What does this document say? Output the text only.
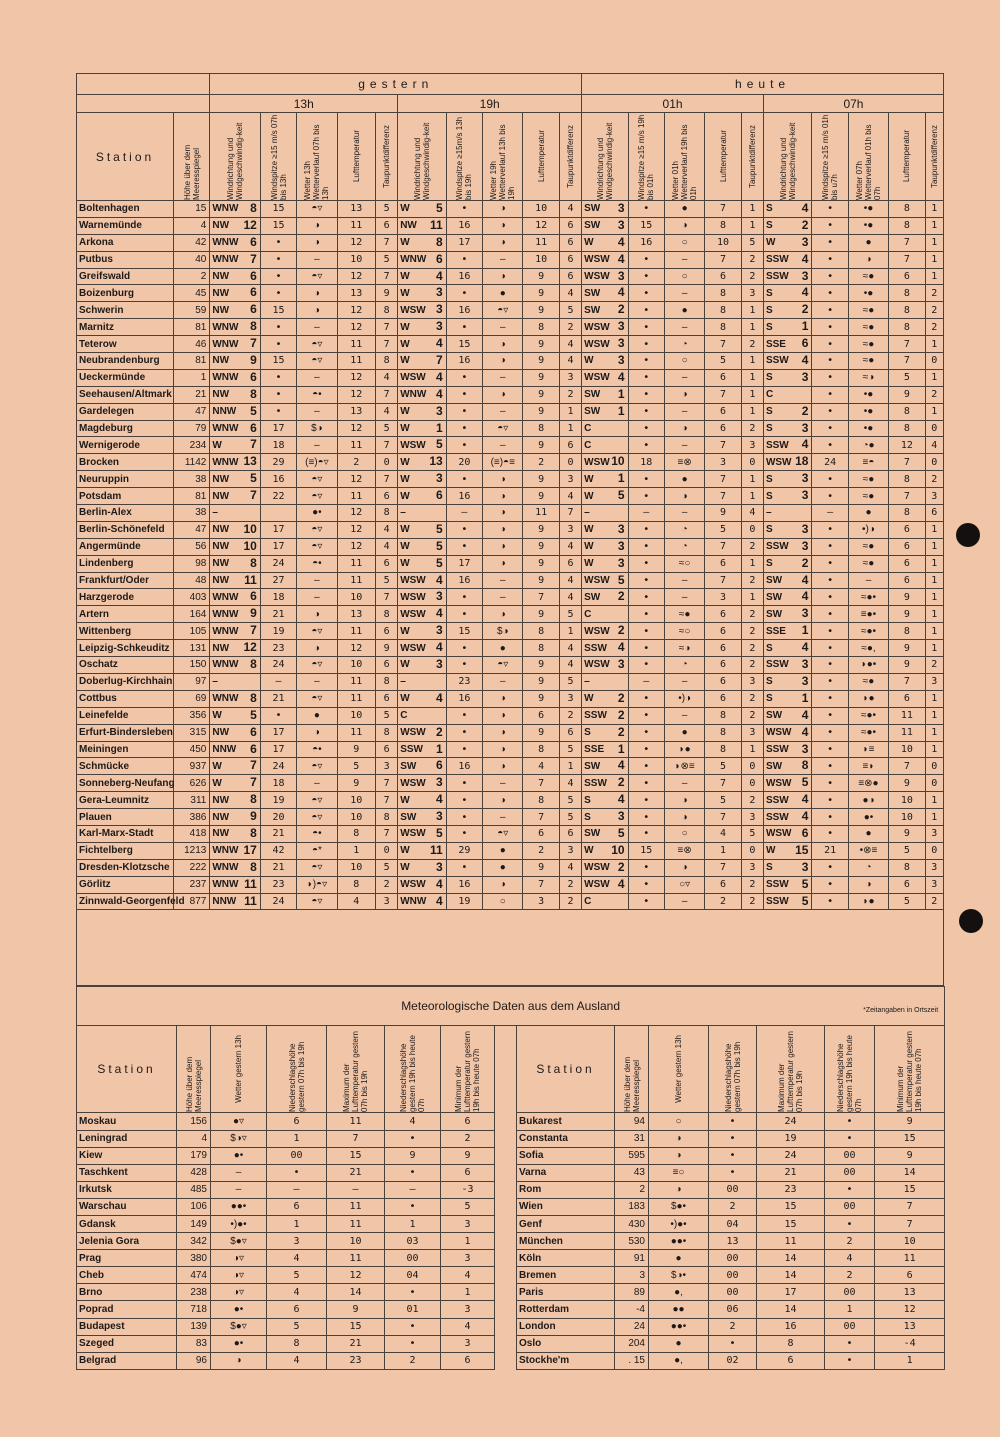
		gestern										heute									
		13h					19h					01h					07h				
Station	Höhe über dem Meeresspiegel	Windrichtung und Windgeschwindig-keit	Windspitze ≥15 m/s 07h bis 13h	Wetter 13h Wetterverlauf 07h bis 13h	Lufttemperatur	Taupunktdifferenz	Windrichtung und Windgeschwindig-keit	Windspitze ≥15m/s 13h bis 19h	Wetter 19h Wetterverlauf 13h bis 19h	Lufttemperatur	Taupunktdifferenz	Windrichtung und Windgeschwindig-keit	Windspitze ≥15 m/s 19h bis 01h	Wetter 01h Wetterverlauf 19h bis 01h	Lufttemperatur	Taupunktdifferenz	Windrichtung und Windgeschwindig-keit	Windspitze ≥15 m/s 01h bis u7h	Wetter 07h Wetterverlauf 01h bis 07h	Lufttemperatur	Taupunktdifferenz

Boltenhagen	15	WNW 8	15	◓▿	13	5	W 5	•	◑	10	4	SW 3	•	●	7	1	S 4	•	•●	8	1
Warnemünde	4	NW 12	15	◑	11	6	NW 11	16	◑	12	6	SW 3	15	◑	8	1	S 2	•	•●	8	1
Arkona	42	WNW 6	•	◑	12	7	W 8	17	◑	11	6	W 4	16	○	10	5	W 3	•	●	7	1
Putbus	40	WNW 7	•	–	10	5	WNW 6	•	–	10	6	WSW 4	•	–	7	2	SSW 4	•	◑	7	1
Greifswald	2	NW 6	•	◓▿	12	7	W 4	16	◑	9	6	WSW 3	•	○	6	2	SSW 3	•	≈●	6	1
Boizenburg	45	NW 6	•	◑	13	9	W 3	•	●	9	4	SW 4	•	–	8	3	S 4	•	•●	8	2
Schwerin	59	NW 6	15	◑	12	8	WSW 3	16	◓▿	9	5	SW 2	•	●	8	1	S 2	•	≈●	8	2
Marnitz	81	WNW 8	•	–	12	7	W 3	•	–	8	2	WSW 3	•	–	8	1	S 1	•	≈●	8	2
Teterow	46	WNW 7	•	◓▿	11	7	W 4	15	◑	9	4	WSW 3	•	◔	7	2	SSE 6	•	≈●	7	1
Neubrandenburg	81	NW 9	15	◓▿	11	8	W 7	16	◑	9	4	W 3	•	○	5	1	SSW 4	•	≈●	7	0
Ueckermünde	1	WNW 6	•	–	12	4	WSW 4	•	–	9	3	WSW 4	•	–	6	1	S 3	•	≈◑	5	1
Seehausen/Altmark	21	NW 8	•	◓•	12	7	WNW 4	•	◑	9	2	SW 1	•	◑	7	1	C	•	•●	9	2
Gardelegen	47	NNW 5	•	–	13	4	W 3	•	–	9	1	SW 1	•	–	6	1	S 2	•	•●	8	1
Magdeburg	79	WNW 6	17	$◑	12	5	W 1	•	◓▿	8	1	C	•	◑	6	2	S 3	•	•●	8	0
Wernigerode	234	W 7	18	–	11	7	WSW 5	•	–	9	6	C	•	–	7	3	SSW 4	•	◔●	12	4
Brocken	1142	WNW 13	29	(≡)◓▿	2	0	W 13	20	(≡)◓≡	2	0	WSW 10	18	≡⊗	3	0	WSW 18	24	≡◓	7	0
Neuruppin	38	NW 5	16	◓▿	12	7	W 3	•	◑	9	3	W 1	•	●	7	1	S 3	•	≈●	8	2
Potsdam	81	NW 7	22	◓▿	11	6	W 6	16	◑	9	4	W 5	•	◑	7	1	S 3	•	≈●	7	3
Berlin-Alex	38	–		●•	12	8	–	–	◑	11	7	–	–	–	9	4	–	–	●	8	6
Berlin-Schönefeld	47	NW 10	17	◓▿	12	4	W 5	•	◑	9	3	W 3	•	◔	5	0	S 3	•	•)◑	6	1
Angermünde	56	NW 10	17	◓▿	12	4	W 5	•	◑	9	4	W 3	•	◔	7	2	SSW 3	•	≈●	6	1
Lindenberg	98	NW 8	24	◓•	11	6	W 5	17	◑	9	6	W 3	•	≈○	6	1	S 2	•	≈●	6	1
Frankfurt/Oder	48	NW 11	27	–	11	5	WSW 4	16	–	9	4	WSW 5	•	–	7	2	SW 4	•	–	6	1
Harzgerode	403	WNW 6	18	–	10	7	WSW 3	•	–	7	4	SW 2	•	–	3	1	SW 4	•	≈●•	9	1
Artern	164	WNW 9	21	◑	13	8	WSW 4	•	◑	9	5	C	•	≈●	6	2	SW 3	•	≡●•	9	1
Wittenberg	105	WNW 7	19	◓▿	11	6	W 3	15	$◑	8	1	WSW 2	•	≈○	6	2	SSE 1	•	≈●•	8	1
Leipzig-Schkeuditz	131	NW 12	23	◑	12	9	WSW 4	•	●	8	4	SSW 4	•	≈◑	6	2	S 4	•	≈●,	9	1
Oschatz	150	WNW 8	24	◓▿	10	6	W 3	•	◓▿	9	4	WSW 3	•	◔	6	2	SSW 3	•	◗●•	9	2
Doberlug-Kirchhain	97	–	–	–	11	8	–	23	–	9	5	–	–	–	6	3	S 3	•	≈●	7	3
Cottbus	69	WNW 8	21	◓▿	11	6	W 4	16	◑	9	3	W 2	•	•)◑	6	2	S 1	•	◗●	6	1
Leinefelde	356	W 5	•	●	10	5	C	•	◑	6	2	SSW 2	•	–	8	2	SW 4	•	≈●•	11	1
Erfurt-Bindersleben	315	NW 6	17	◑	11	8	WSW 2	•	◑	9	6	S 2	•	●	8	3	WSW 4	•	≈●•	11	1
Meiningen	450	NNW 6	17	◓•	9	6	SSW 1	•	◑	8	5	SSE 1	•	◗●	8	1	SSW 3	•	◗≡	10	1
Schmücke	937	W 7	24	◓▿	5	3	SW 6	16	◑	4	1	SW 4	•	◗⊗≡	5	0	SW 8	•	≡◗	7	0
Sonneberg-Neufang	626	W 7	18	–	9	7	WSW 3	•	–	7	4	SSW 2	•	–	7	0	WSW 5	•	≡⊗●	9	0
Gera-Leumnitz	311	NW 8	19	◓▿	10	7	W 4	•	◑	8	5	S 4	•	◑	5	2	SSW 4	•	●◑	10	1
Plauen	386	NW 9	20	◓▿	10	8	SW 3	•	–	7	5	S 3	•	◑	7	3	SSW 4	•	●•	10	1
Karl-Marx-Stadt	418	NW 8	21	◓•	8	7	WSW 5	•	◓▿	6	6	SW 5	•	○	4	5	WSW 6	•	●	9	3
Fichtelberg	1213	WNW 17	42	◓*	1	0	W 11	29	●	2	3	W 10	15	≡⊗	1	0	W 15	21	•⊗≡	5	0
Dresden-Klotzsche	222	WNW 8	21	◓▿	10	5	W 3	•	●	9	4	WSW 2	•	◑	7	3	S 3	•	◔	8	3
Görlitz	237	WNW 11	23	◗)◓▿	8	2	WSW 4	16	◑	7	2	WSW 4	•	○▿	6	2	SSW 5	•	◑	6	3
Zinnwald-Georgenfeld	877	NNW 11	24	◓▿	4	3	WNW 4	19	○	3	2	C	•	–	2	2	SSW 5	•	◗●	5	2

Meteorologische Daten aus dem Ausland *Zeitangaben in Ortszeit														

Station	Höhe über dem Meeresspiegel	Wetter gestern 13h	Niederschlagshöhe gestern 07h bis 19h	Maximum der Lufttemperatur gestern 07h bis 19h	Niederschlagshöhe gestern 19h bis heute 07h	Minimum der Lufttemperatur gestern 19h bis heute 07h		Station	Höhe über dem Meeresspiegel	Wetter gestern 13h	Niederschlagshöhe gestern 07h bis 19h	Maximum der Lufttemperatur gestern 07h bis 19h	Niederschlagshöhe gestern 19h bis heute 07h	Minimum der Lufttemperatur gestern 19h bis heute 07h

Moskau	156	●▿	6	11	4	6		Bukarest	94	○	•	24	•	9
Leningrad	4	$◑▿	1	7	•	2		Constanta	31	◑	•	19	•	15
Kiew	179	●•	00	15	9	9		Sofia	595	◑	•	24	00	9
Taschkent	428	–	•	21	•	6		Varna	43	≡○	•	21	00	14
Irkutsk	485	–	–	–	–	-3		Rom	2	◑	00	23	•	15
Warschau	106	●●•	6	11	•	5		Wien	183	$●•	2	15	00	7
Gdansk	149	•)●•	1	11	1	3		Genf	430	•)●•	04	15	•	7
Jelenia Gora	342	$●▿	3	10	03	1		München	530	●●•	13	11	2	10
Prag	380	◑▿	4	11	00	3		Köln	91	●	00	14	4	11
Cheb	474	◑▿	5	12	04	4		Bremen	3	$◑•	00	14	2	6
Brno	238	◑▿	4	14	•	1		Paris	89	●,	00	17	00	13
Poprad	718	●•	6	9	01	3		Rotterdam	-4	●●	06	14	1	12
Budapest	139	$●▿	5	15	•	4		London	24	●●•	2	16	00	13
Szeged	83	●•	8	21	•	3		Oslo	204	●	•	8	•	-4
Belgrad	96	◑	4	23	2	6		Stockhe'm	. 15	●,	02	6	•	1
